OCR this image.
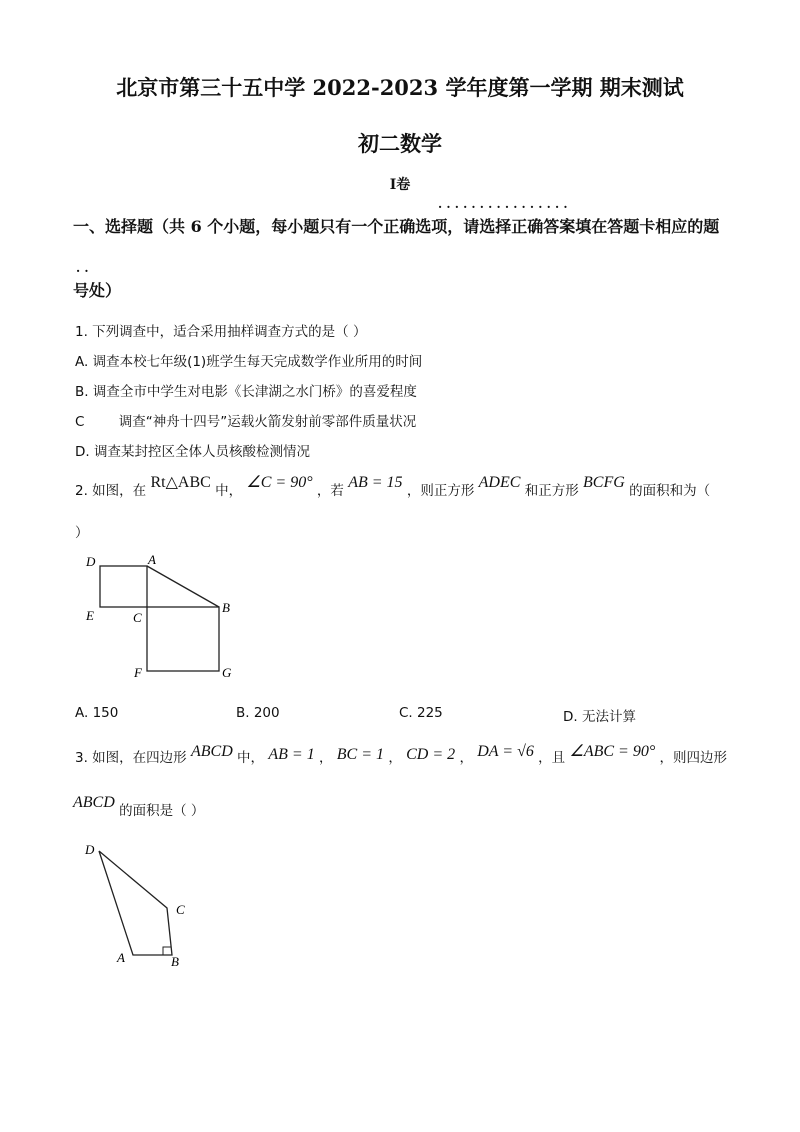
北京市第三十五中学 2022-2023 学年度第一学期 期末测试
初二数学
I卷
· · · · · · · · · · · · · · · ·
一、选择题（共 6 个小题，每小题只有一个正确选项，请选择正确答案填在答题卡相应的题
· ·
号处）
1. 下列调查中，适合采用抽样调查方式的是（ ）
A. 调查本校七年级(1)班学生每天完成数学作业所用的时间
B. 调查全市中学生对电影《长津湖之水门桥》的喜爱程度
C        调查“神舟十四号”运载火箭发射前零部件质量状况
D. 调查某封控区全体人员核酸检测情况
2. 如图，在 Rt△ABC 中， ∠C = 90° ，若 AB = 15 ，则正方形 ADEC 和正方形 BCFG 的面积和为（
）
D	A
E	C
B
F	G
A. 150	B. 200	C. 225	D. 无法计算
3. 如图，在四边形 ABCD 中， AB = 1 ， BC = 1 ， CD = 2 ， DA = √6 ，且 ∠ABC = 90° ，则四边形
ABCD 的面积是（ ）
D
C
A	B
